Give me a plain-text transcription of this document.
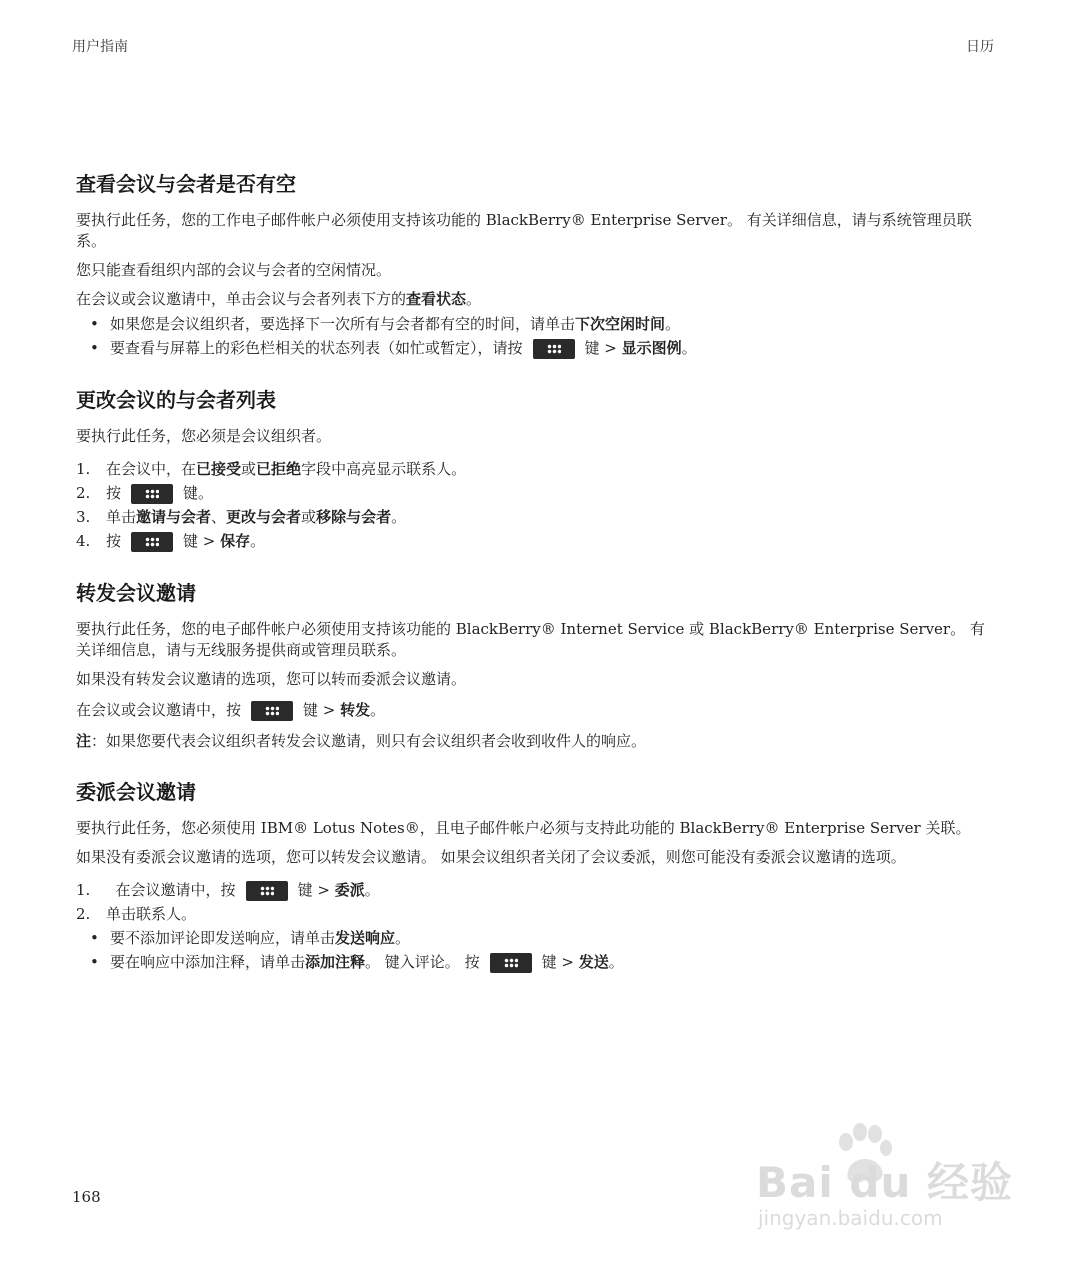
用户指南	日历
查看会议与会者是否有空

要执行此任务，您的工作电子邮件帐户必须使用支持该功能的 BlackBerry® Enterprise Server。 有关详细信息，请与系统管理员联系。

您只能查看组织内部的会议与会者的空闲情况。

在会议或会议邀请中，单击会议与会者列表下方的查看状态。

• 如果您是会议组织者，要选择下一次所有与会者都有空的时间，请单击下次空闲时间。
• 要查看与屏幕上的彩色栏相关的状态列表（如忙或暂定），请按	键 > 显示图例。
更改会议的与会者列表

要执行此任务，您必须是会议组织者。

1. 在会议中，在已接受或已拒绝字段中高亮显示联系人。
2. 按	键。
3. 单击邀请与会者、更改与会者或移除与会者。
4. 按	键 > 保存。
转发会议邀请

要执行此任务，您的电子邮件帐户必须使用支持该功能的 BlackBerry® Internet Service 或 BlackBerry® Enterprise Server。 有关详细信息，请与无线服务提供商或管理员联系。

如果没有转发会议邀请的选项，您可以转而委派会议邀请。

在会议或会议邀请中，按	键 > 转发。

注：如果您要代表会议组织者转发会议邀请，则只有会议组织者会收到收件人的响应。

委派会议邀请

要执行此任务，您必须使用 IBM® Lotus Notes®，且电子邮件帐户必须与支持此功能的 BlackBerry® Enterprise Server 关联。

如果没有委派会议邀请的选项，您可以转发会议邀请。 如果会议组织者关闭了会议委派，则您可能没有委派会议邀请的选项。

1. 在会议邀请中，按	键 > 委派。
2. 单击联系人。
• 要不添加评论即发送响应，请单击发送响应。
• 要在响应中添加注释，请单击添加注释。 键入评论。 按	键 > 发送。
168	Bai du 经验
jingyan.baidu.com
